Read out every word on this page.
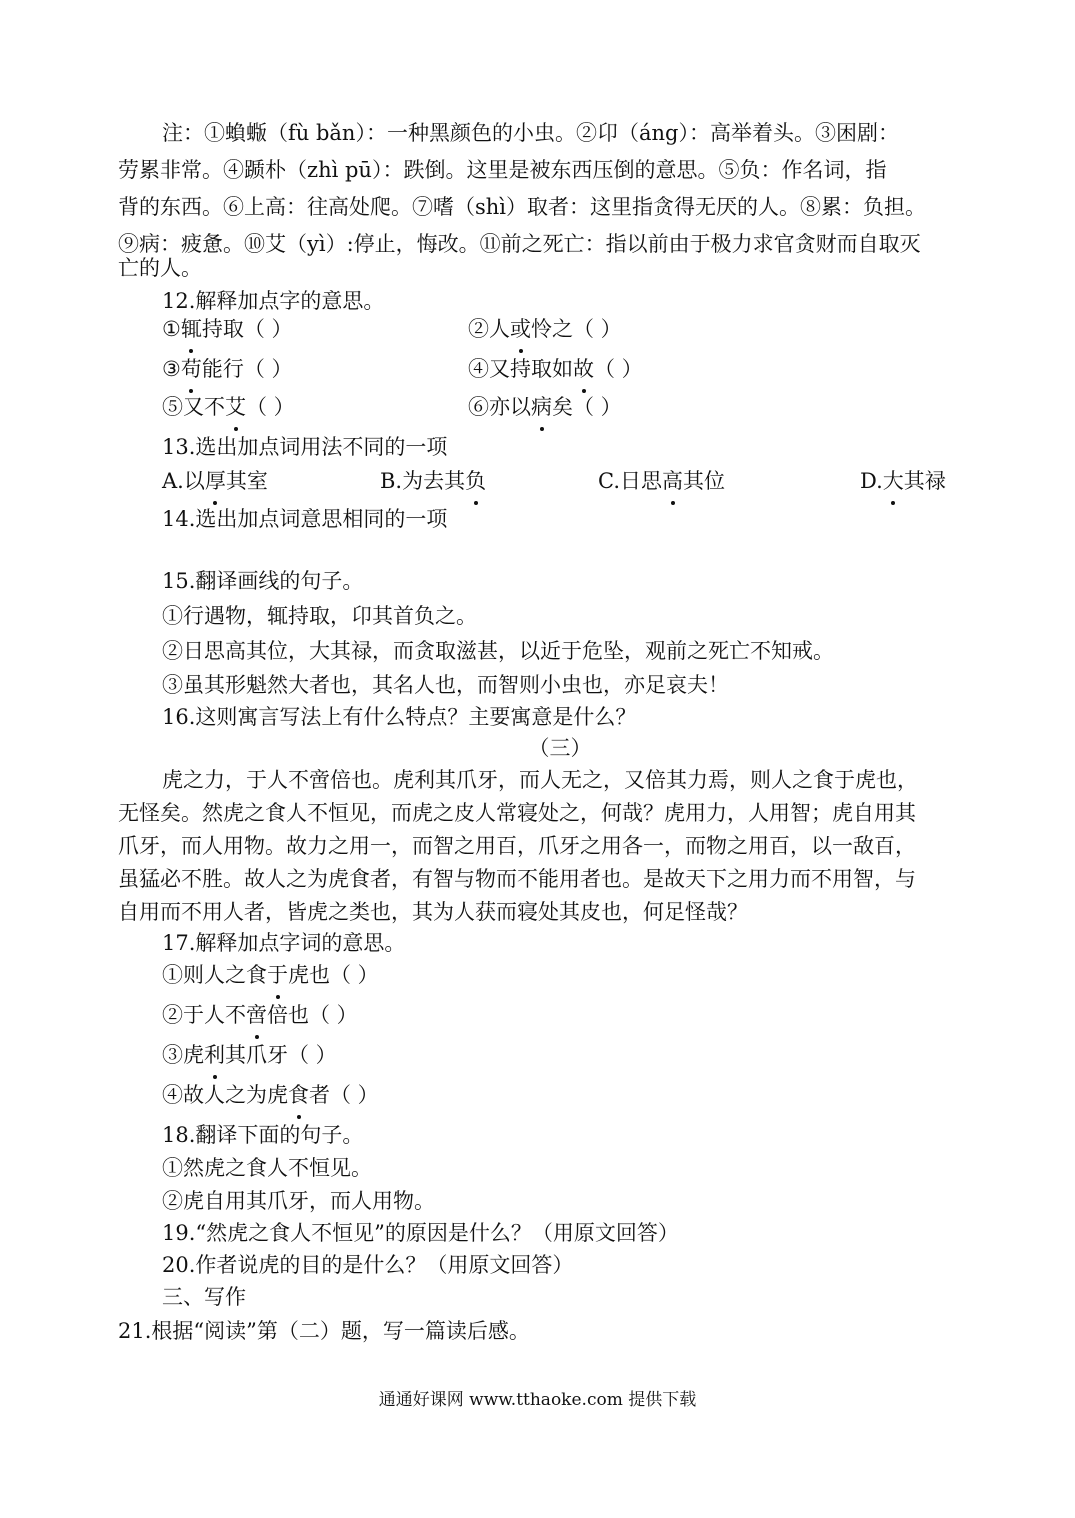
注：①蝜蝂（fù bǎn）：一种黑颜色的小虫。②卬（áng）：高举着头。③困剧：
劳累非常。④踬朴（zhì pū）：跌倒。这里是被东西压倒的意思。⑤负：作名词，指
背的东西。⑥上高：往高处爬。⑦嗜（shì）取者：这里指贪得无厌的人。⑧累：负担。
⑨病：疲惫。⑩艾（yì）:停止，悔改。⑪前之死亡：指以前由于极力求官贪财而自取灭
亡的人。
12.解释加点字的意思。
①辄持取（ ）	②人或怜之（ ）
③苟能行（ ）	④又持取如故（ ）
⑤又不艾（ ）	⑥亦以病矣（ ）
13.选出加点词用法不同的一项
A.以厚其室	B.为去其负	C.日思高其位	D.大其禄
14.选出加点词意思相同的一项
15.翻译画线的句子。
①行遇物，辄持取，卬其首负之。
②日思高其位，大其禄，而贪取滋甚，以近于危坠，观前之死亡不知戒。
③虽其形魁然大者也，其名人也，而智则小虫也，亦足哀夫！
16.这则寓言写法上有什么特点？主要寓意是什么？
（三）
虎之力，于人不啻倍也。虎利其爪牙，而人无之，又倍其力焉，则人之食于虎也，
无怪矣。然虎之食人不恒见，而虎之皮人常寝处之，何哉？虎用力，人用智；虎自用其
爪牙，而人用物。故力之用一，而智之用百，爪牙之用各一，而物之用百，以一敌百，
虽猛必不胜。故人之为虎食者，有智与物而不能用者也。是故天下之用力而不用智，与
自用而不用人者，皆虎之类也，其为人获而寝处其皮也，何足怪哉？
17.解释加点字词的意思。
①则人之食于虎也（ ）
②于人不啻倍也（ ）
③虎利其爪牙（ ）
④故人之为虎食者（ ）
18.翻译下面的句子。
①然虎之食人不恒见。
②虎自用其爪牙，而人用物。
19.“然虎之食人不恒见”的原因是什么？（用原文回答）
20.作者说虎的目的是什么？（用原文回答）
三、写作
21.根据“阅读”第（二）题，写一篇读后感。
通通好课网 www.tthaoke.com 提供下载
